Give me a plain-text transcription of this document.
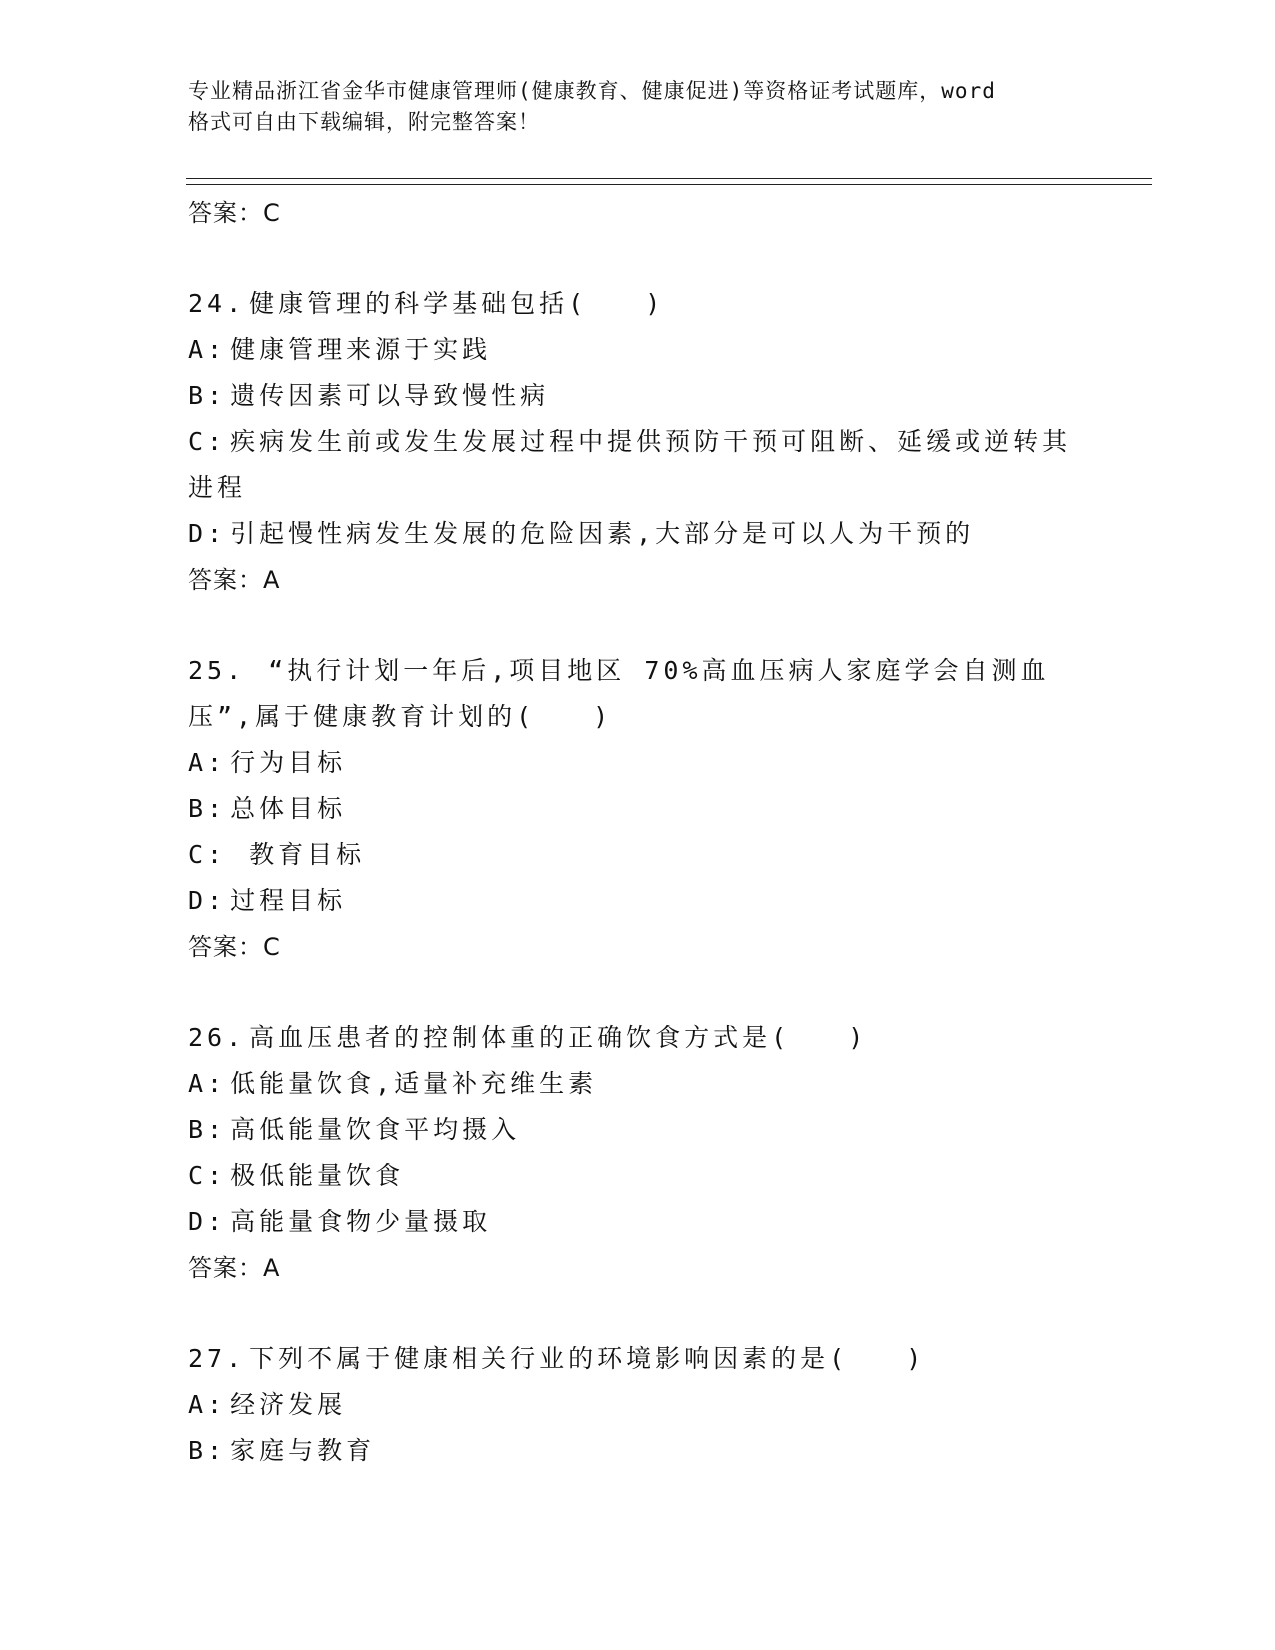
专业精品浙江省金华市健康管理师(健康教育、健康促进)等资格证考试题库，word
格式可自由下载编辑，附完整答案！
答案：C
24. 健康管理的科学基础包括(　　)
A: 健康管理来源于实践
B: 遗传因素可以导致慢性病
C: 疾病发生前或发生发展过程中提供预防干预可阻断、延缓或逆转其进程
D: 引起慢性病发生发展的危险因素,大部分是可以人为干预的
答案：A
25. “执行计划一年后,项目地区 70%高血压病人家庭学会自测血压”,属于健康教育计划的(　　)
A: 行为目标
B: 总体目标
C: 教育目标
D: 过程目标
答案：C
26. 高血压患者的控制体重的正确饮食方式是(　　)
A: 低能量饮食,适量补充维生素
B: 高低能量饮食平均摄入
C: 极低能量饮食
D: 高能量食物少量摄取
答案：A
27. 下列不属于健康相关行业的环境影响因素的是(　　)
A: 经济发展
B: 家庭与教育
